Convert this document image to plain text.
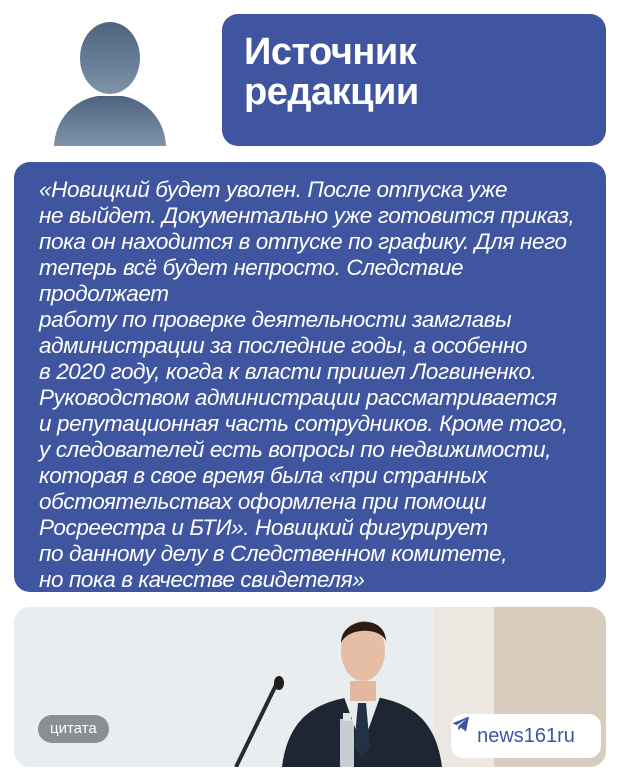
Источник
редакции
«Новицкий будет уволен. После отпуска уже
не выйдет. Документально уже готовится приказ,
пока он находится в отпуске по графику. Для него
теперь всё будет непросто. Следствие продолжает
работу по проверке деятельности замглавы
администрации за последние годы, а особенно
в 2020 году, когда к власти пришел Логвиненко.
Руководством администрации рассматривается
и репутационная часть сотрудников. Кроме того,
у следователей есть вопросы по недвижимости,
которая в свое время была «при странных
обстоятельствах оформлена при помощи
Росреестра и БТИ». Новицкий фигурирует
по данному делу в Следственном комитете,
но пока в качестве свидетеля»
цитата	news161ru
